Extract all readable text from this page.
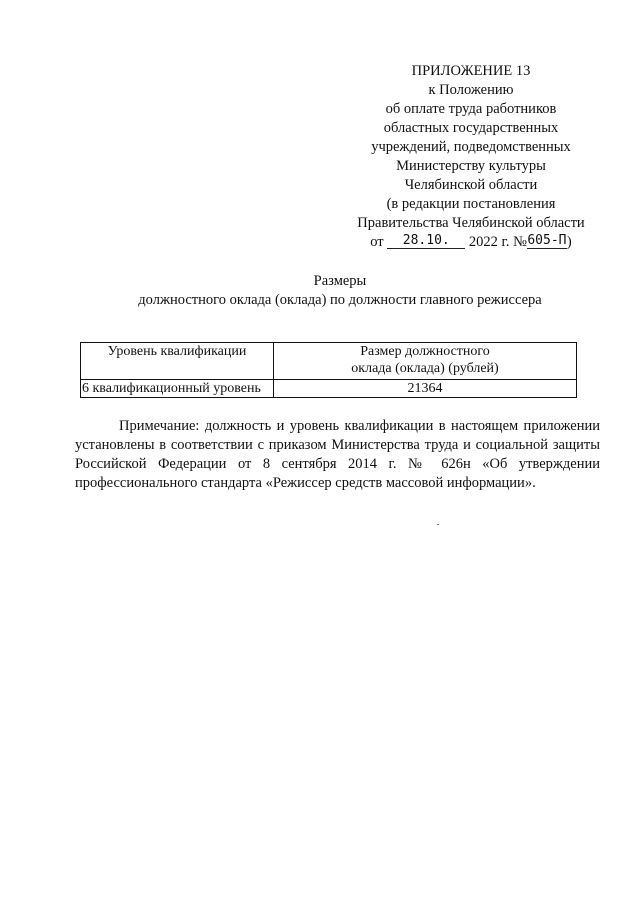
ПРИЛОЖЕНИЕ 13
к Положению
об оплате труда работников
областных государственных
учреждений, подведомственных
Министерству культуры
Челябинской области
(в редакции постановления
Правительства Челябинской области
от 28.10. 2022 г. №605-П)
Размеры
должностного оклада (оклада) по должности главного режиссера
Уровень квалификации	Размер должностного
оклада (оклада) (рублей)
6 квалификационный уровень	21364
Примечание: должность и уровень квалификации в настоящем приложении установлены в соответствии с приказом Министерства труда и социальной защиты Российской Федерации от 8 сентября 2014 г. № 626н «Об утверждении профессионального стандарта «Режиссер средств массовой информации».
